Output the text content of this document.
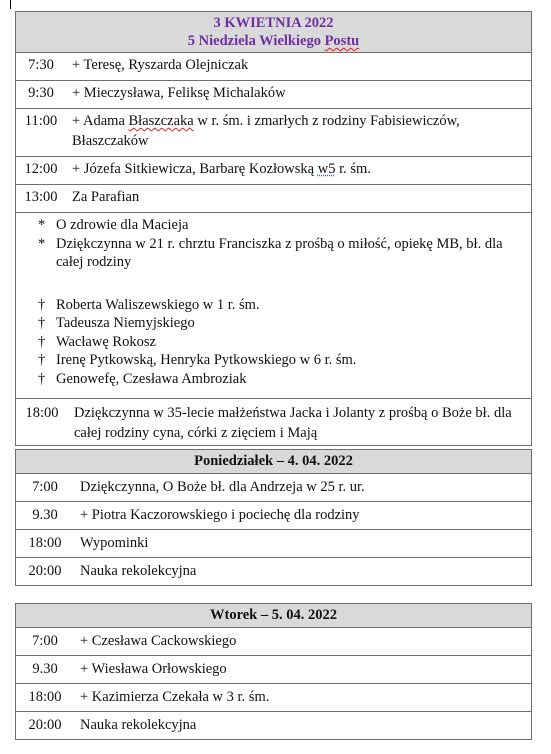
3 KWIETNIA 2022
5 Niedziela Wielkiego Postu

7:30	+ Teresę, Ryszarda Olejniczak

9:30	+ Mieczysława, Feliksę Michalaków

11:00	+ Adama Błaszczaka w r. śm. i zmarłych z rodziny Fabisiewiczów, Błaszczaków

12:00 + Józefa Sitkiewicza, Barbarę Kozłowską w5 r. śm.

13:00 Za Parafian

* O zdrowie dla Macieja
* Dziękczynna w 21 r. chrztu Franciszka z prośbą o miłość, opiekę MB, bł. dla całej rodziny
† Roberta Waliszewskiego w 1 r. śm.
† Tadeusza Niemyjskiego
† Wacławę Rokosz
† Irenę Pytkowską, Henryka Pytkowskiego w 6 r. śm.
† Genowefę, Czesława Ambroziak

18:00	Dziękczynna w 35-lecie małżeństwa Jacka i Jolanty z prośbą o Boże bł. dla całej rodziny cyna, córki z zięciem i Mają
Poniedziałek – 4. 04. 2022

7:00	Dziękczynna, O Boże bł. dla Andrzeja w 25 r. ur.

9.30	+ Piotra Kaczorowskiego i pociechę dla rodziny

18:00	Wypominki

20:00	Nauka rekolekcyjna
Wtorek – 5. 04. 2022

7:00	+ Czesława Cackowskiego

9.30	+ Wiesława Orłowskiego

18:00	+ Kazimierza Czekała w 3 r. śm.

20:00	Nauka rekolekcyjna
